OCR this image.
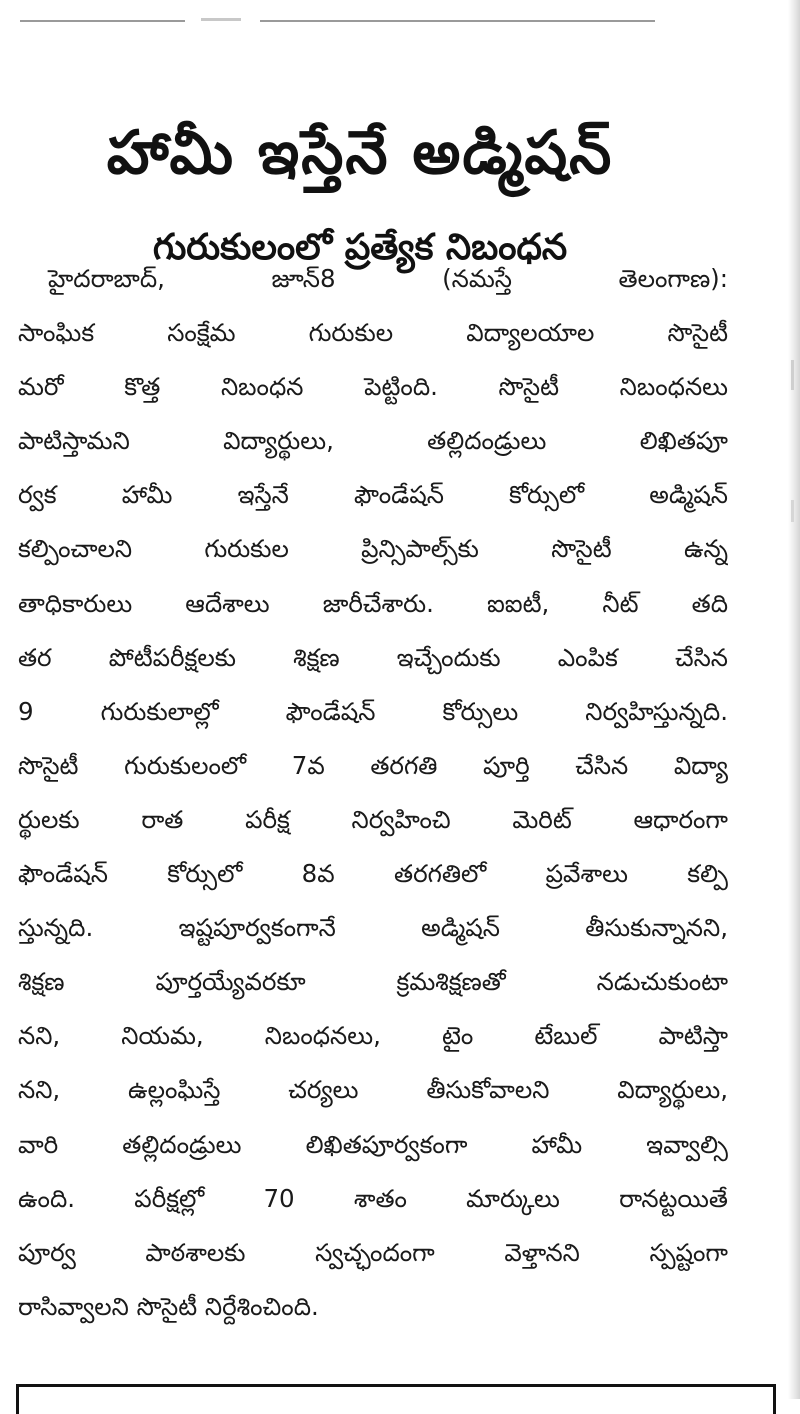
హామీ ఇస్తేనే అడ్మిషన్
గురుకులంలో ప్రత్యేక నిబంధన
హైదరాబాద్, జూన్8 (నమస్తే తెలంగాణ):
సాంఘిక సంక్షేమ గురుకుల విద్యాలయాల సొసైటీ
మరో కొత్త నిబంధన పెట్టింది. సొసైటీ నిబంధనలు
పాటిస్తామని విద్యార్థులు, తల్లిదండ్రులు లిఖితపూ
ర్వక హామీ ఇస్తేనే ఫౌండేషన్ కోర్సులో అడ్మిషన్
కల్పించాలని గురుకుల ప్రిన్సిపాల్స్‌కు సొసైటీ ఉన్న
తాధికారులు ఆదేశాలు జారీచేశారు. ఐఐటీ, నీట్ తది
తర పోటీపరీక్షలకు శిక్షణ ఇచ్చేందుకు ఎంపిక చేసిన
9 గురుకులాల్లో ఫౌండేషన్ కోర్సులు నిర్వహిస్తున్నది.
సొసైటీ గురుకులంలో 7వ తరగతి పూర్తి చేసిన విద్యా
ర్థులకు రాత పరీక్ష నిర్వహించి మెరిట్ ఆధారంగా
ఫౌండేషన్ కోర్సులో 8వ తరగతిలో ప్రవేశాలు కల్పి
స్తున్నది. ఇష్టపూర్వకంగానే అడ్మిషన్ తీసుకున్నానని,
శిక్షణ పూర్తయ్యేవరకూ క్రమశిక్షణతో నడుచుకుంటా
నని, నియమ, నిబంధనలు, టైం టేబుల్ పాటిస్తా
నని, ఉల్లంఘిస్తే చర్యలు తీసుకోవాలని విద్యార్థులు,
వారి తల్లిదండ్రులు లిఖితపూర్వకంగా హామీ ఇవ్వాల్సి
ఉంది. పరీక్షల్లో 70 శాతం మార్కులు రానట్టయితే
పూర్వ పాఠశాలకు స్వచ్ఛందంగా వెళ్తానని స్పష్టంగా
రాసివ్వాలని సొసైటీ నిర్దేశించింది.
